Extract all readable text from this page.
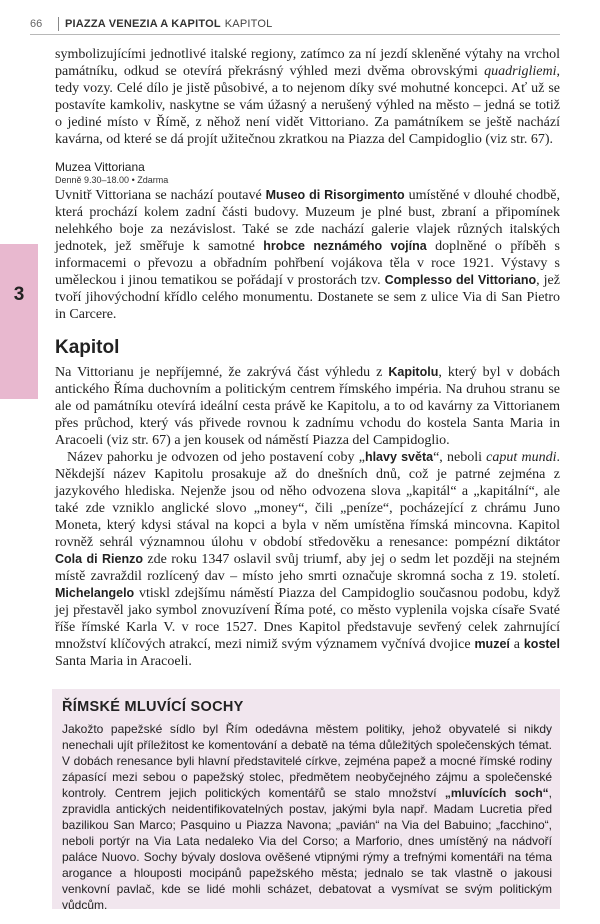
66	PIAZZA VENEZIA A KAPITOL KAPITOL
3

symbolizujícími jednotlivé italské regiony, zatímco za ní jezdí skleněné výtahy na vrchol památníku, odkud se otevírá překrásný výhled mezi dvěma obrovskými quadrigliemi, tedy vozy. Celé dílo je jistě působivé, a to nejenom díky své mohutné koncepci. Ať už se postavíte kamkoliv, naskytne se vám úžasný a nerušený výhled na město – jedná se totiž o jediné místo v Římě, z něhož není vidět Vittoriano. Za památníkem se ještě nachází kavárna, od které se dá projít užitečnou zkratkou na Piazza del Campidoglio (viz str. 67).

Muzea Vittoriana
Denně 9.30–18.00 • Zdarma

Uvnitř Vittoriana se nachází poutavé Museo di Risorgimento umístěné v dlouhé chodbě, která prochází kolem zadní části budovy. Muzeum je plné bust, zbraní a připomínek nelehkého boje za nezávislost. Také se zde nachází galerie vlajek různých italských jednotek, jež směřuje k samotné hrobce neznámého vojína doplněné o příběh s informacemi o převozu a obřadním pohřbení vojákova těla v roce 1921. Výstavy s uměleckou i jinou tematikou se pořádají v prostorách tzv. Complesso del Vittoriano, jež tvoří jihovýchodní křídlo celého monumentu. Dostanete se sem z ulice Via di San Pietro in Carcere.

Kapitol

Na Vittorianu je nepříjemné, že zakrývá část výhledu z Kapitolu, který byl v dobách antického Říma duchovním a politickým centrem římského impéria. Na druhou stranu se ale od památníku otevírá ideální cesta právě ke Kapitolu, a to od kavárny za Vittorianem přes průchod, který vás přivede rovnou k zadnímu vchodu do kostela Santa Maria in Aracoeli (viz str. 67) a jen kousek od náměstí Piazza del Campidoglio.

Název pahorku je odvozen od jeho postavení coby „hlavy světa“, neboli caput mundi. Někdejší název Kapitolu prosakuje až do dnešních dnů, což je patrné zejména z jazykového hlediska. Nejenže jsou od něho odvozena slova „kapitál“ a „kapitální“, ale také zde vzniklo anglické slovo „money“, čili „peníze“, pocházející z chrámu Juno Moneta, který kdysi stával na kopci a byla v něm umístěna římská mincovna. Kapitol rovněž sehrál významnou úlohu v období středověku a renesance: pompézní diktátor Cola di Rienzo zde roku 1347 oslavil svůj triumf, aby jej o sedm let později na stejném místě zavraždil rozlícený dav – místo jeho smrti označuje skromná socha z 19. století. Michelangelo vtiskl zdejšímu náměstí Piazza del Campidoglio současnou podobu, když jej přestavěl jako symbol znovuzívení Říma poté, co město vyplenila vojska císaře Svaté říše římské Karla V. v roce 1527. Dnes Kapitol představuje sevřený celek zahrnující množství klíčových atrakcí, mezi nimiž svým významem vyčnívá dvojice muzeí a kostel Santa Maria in Aracoeli.

ŘÍMSKÉ MLUVÍCÍ SOCHY

Jakožto papežské sídlo byl Řím odedávna městem politiky, jehož obyvatelé si nikdy nenechali ujít příležitost ke komentování a debatě na téma důležitých společenských témat. V dobách renesance byli hlavní představitelé církve, zejména papež a mocné římské rodiny zápasící mezi sebou o papežský stolec, předmětem neobyčejného zájmu a společenské kontroly. Centrem jejich politických komentářů se stalo množství „mluvících soch“, zpravidla antických neidentifikovatelných postav, jakými byla např. Madam Lucretia před bazilikou San Marco; Pasquino u Piazza Navona; „pavián“ na Via del Babuino; „facchino“, neboli portýr na Via Lata nedaleko Via del Corso; a Marforio, dnes umístěný na nádvoří paláce Nuovo. Sochy bývaly doslova ověšené vtipnými rýmy a trefnými komentáři na téma arogance a hlouposti mocipánů papežského města; jednalo se tak vlastně o jakousi venkovní pavlač, kde se lidé mohli scházet, debatovat a vysmívat se svým politickým vůdcům.
